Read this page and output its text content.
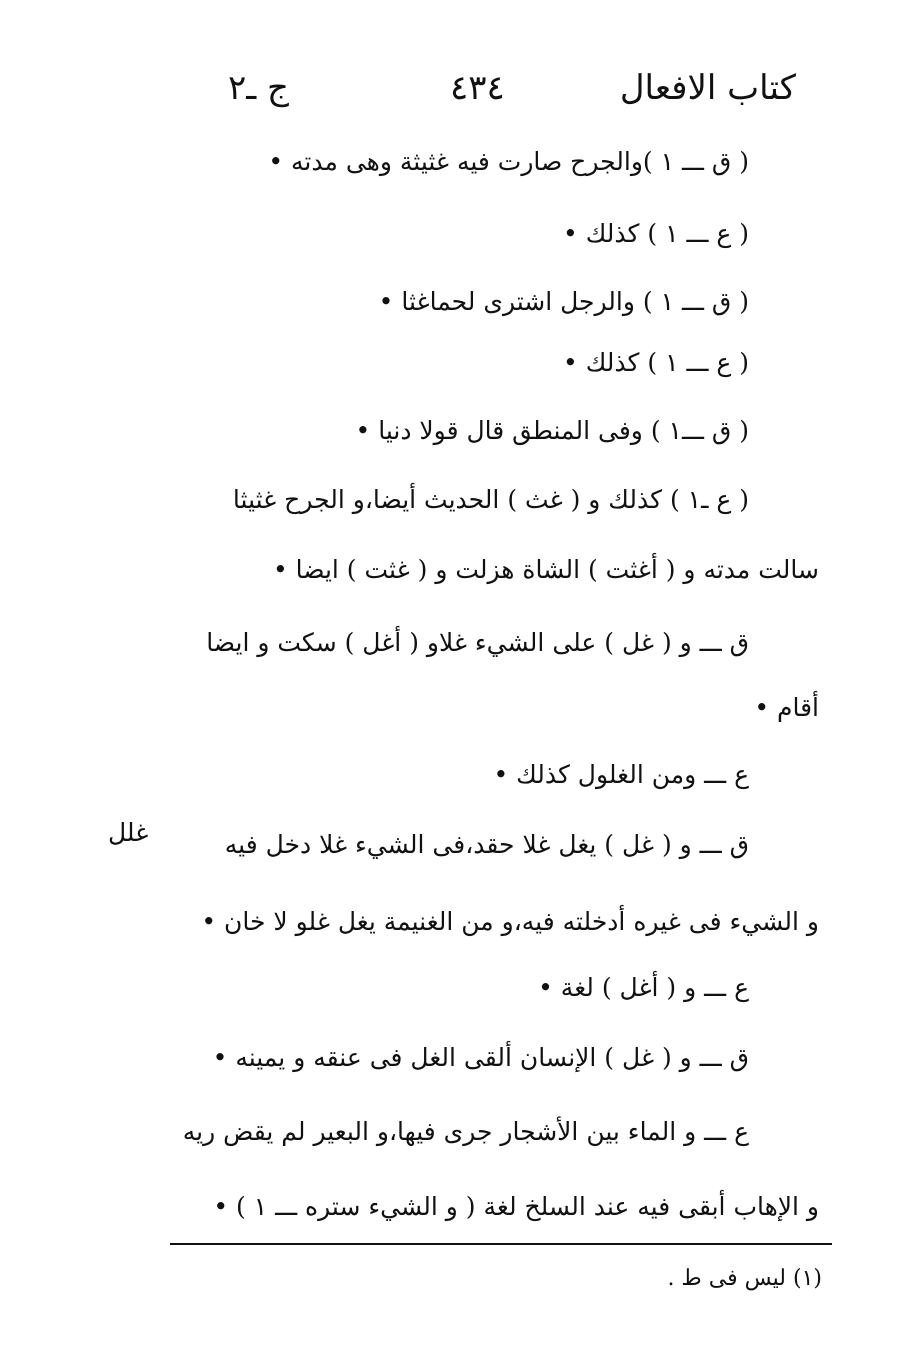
كتاب الافعال
٤٣٤
ج ـ٢
( ق ـــ ١ )والجرح صارت فيه غثيثة وهى مدته •
( ع ـــ ١ ) كذلك •
( ق ـــ ١ ) والرجل اشترى لحماغثا •
( ع ـــ ١ ) كذلك •
( ق ـــ١ ) وفى المنطق قال قولا دنيا •
( ع ـ١ ) كذلك و ( غث ) الحديث أيضا،و الجرح غثيثا
سالت مدته و ( أغثت ) الشاة هزلت و ( غثت ) ايضا •
ق ـــ و ( غل ) على الشيء غلاو ( أغل ) سكت و ايضا
أقام •
ع ـــ ومن الغلول كذلك •
ق ـــ و ( غل ) يغل غلا حقد،فى الشيء غلا دخل فيه
و الشيء فى غيره أدخلته فيه،و من الغنيمة يغل غلو لا خان •
ع ـــ و ( أغل ) لغة •
ق ـــ و ( غل ) الإنسان ألقى الغل فى عنقه و يمينه •
ع ـــ و الماء بين الأشجار جرى فيها،و البعير لم يقض ريه
و الإهاب أبقى فيه عند السلخ لغة ( و الشيء ستره ـــ ١ ) •
غلل
(١) ليس فى ط .
